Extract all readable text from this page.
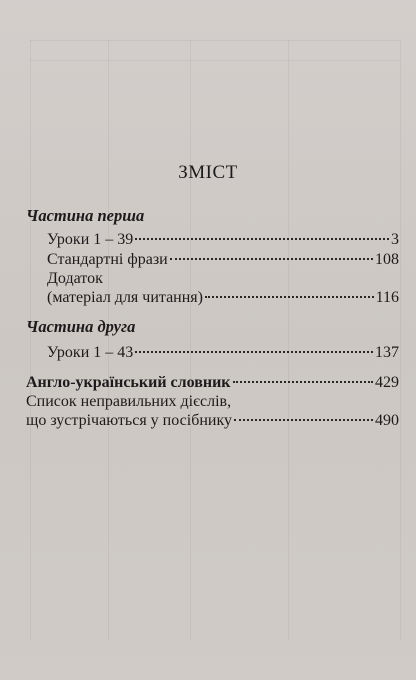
ЗМІСТ
Частина перша
Уроки 1 – 39	3
Стандартні фрази	108
Додаток
(матеріал для читання)	116
Частина друга
Уроки 1 – 43	137
Англо-український словник	429
Список неправильних дієслів,
що зустрічаються у посібнику	490
